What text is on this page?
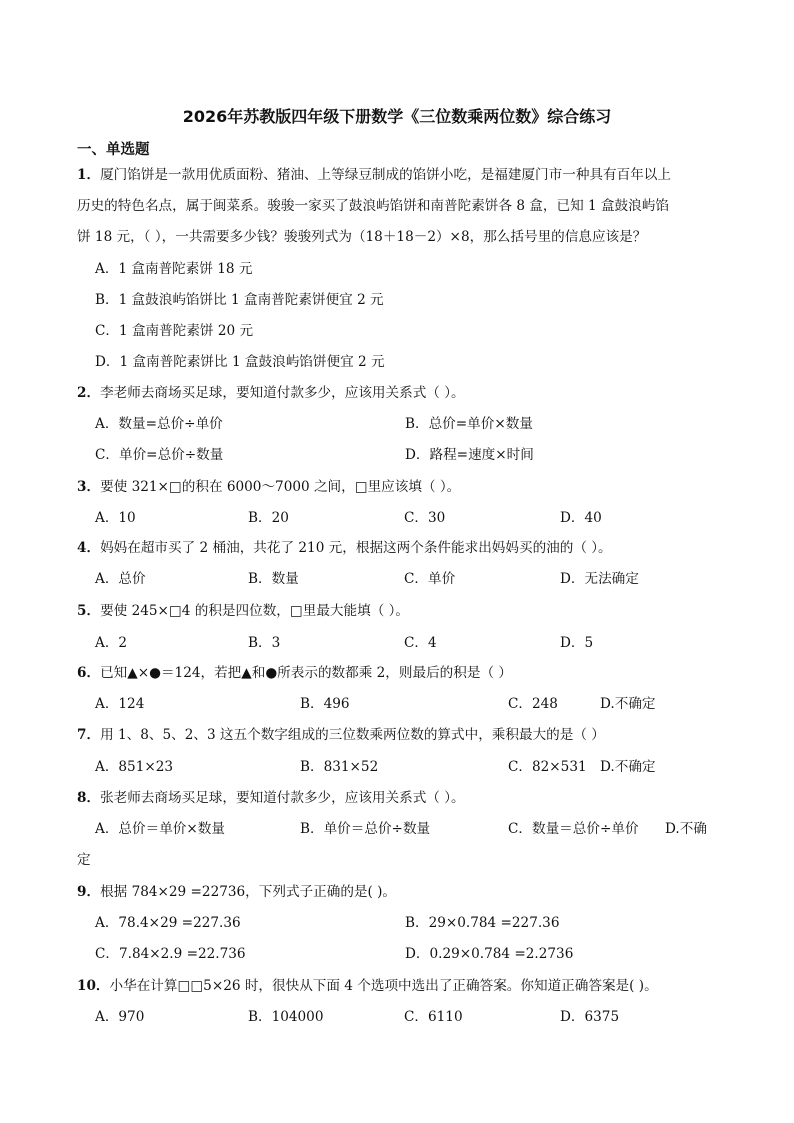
2026年苏教版四年级下册数学《三位数乘两位数》综合练习
一、单选题
1．厦门馅饼是一款用优质面粉、猪油、上等绿豆制成的馅饼小吃，是福建厦门市一种具有百年以上
历史的特色名点，属于闽菜系。骏骏一家买了鼓浪屿馅饼和南普陀素饼各 8 盒，已知 1 盒鼓浪屿馅
饼 18 元，（ ），一共需要多少钱？骏骏列式为（18＋18－2）×8，那么括号里的信息应该是？
A．1 盒南普陀素饼 18 元
B．1 盒鼓浪屿馅饼比 1 盒南普陀素饼便宜 2 元
C．1 盒南普陀素饼 20 元
D．1 盒南普陀素饼比 1 盒鼓浪屿馅饼便宜 2 元
2．李老师去商场买足球，要知道付款多少，应该用关系式（ ）。
A．数量=总价÷单价	B．总价=单价×数量
C．单价=总价÷数量	D．路程=速度×时间
3．要使 321×□的积在 6000～7000 之间，□里应该填（ ）。
A．10	B．20	C．30	D．40
4．妈妈在超市买了 2 桶油，共花了 210 元，根据这两个条件能求出妈妈买的油的（ ）。
A．总价	B．数量	C．单价	D．无法确定
5．要使 245×□4 的积是四位数，□里最大能填（ ）。
A．2	B．3	C．4	D．5
6．已知▲×●＝124，若把▲和●所表示的数都乘 2，则最后的积是（ ）
A．124	B．496	C．248	D.不确定
7．用 1、8、5、2、3 这五个数字组成的三位数乘两位数的算式中，乘积最大的是（ ）
A．851×23	B．831×52	C．82×531 D.不确定
8．张老师去商场买足球，要知道付款多少，应该用关系式（ ）。
A．总价＝单价×数量	B．单价＝总价÷数量	C．数量＝总价÷单价 D.不确
定
9．根据 784×29 =22736，下列式子正确的是( )。
A．78.4×29 =227.36	B．29×0.784 =227.36
C．7.84×2.9 =22.736	D．0.29×0.784 =2.2736
10．小华在计算□□5×26 时，很快从下面 4 个选项中选出了正确答案。你知道正确答案是( )。
A．970	B．104000	C．6110	D．6375
